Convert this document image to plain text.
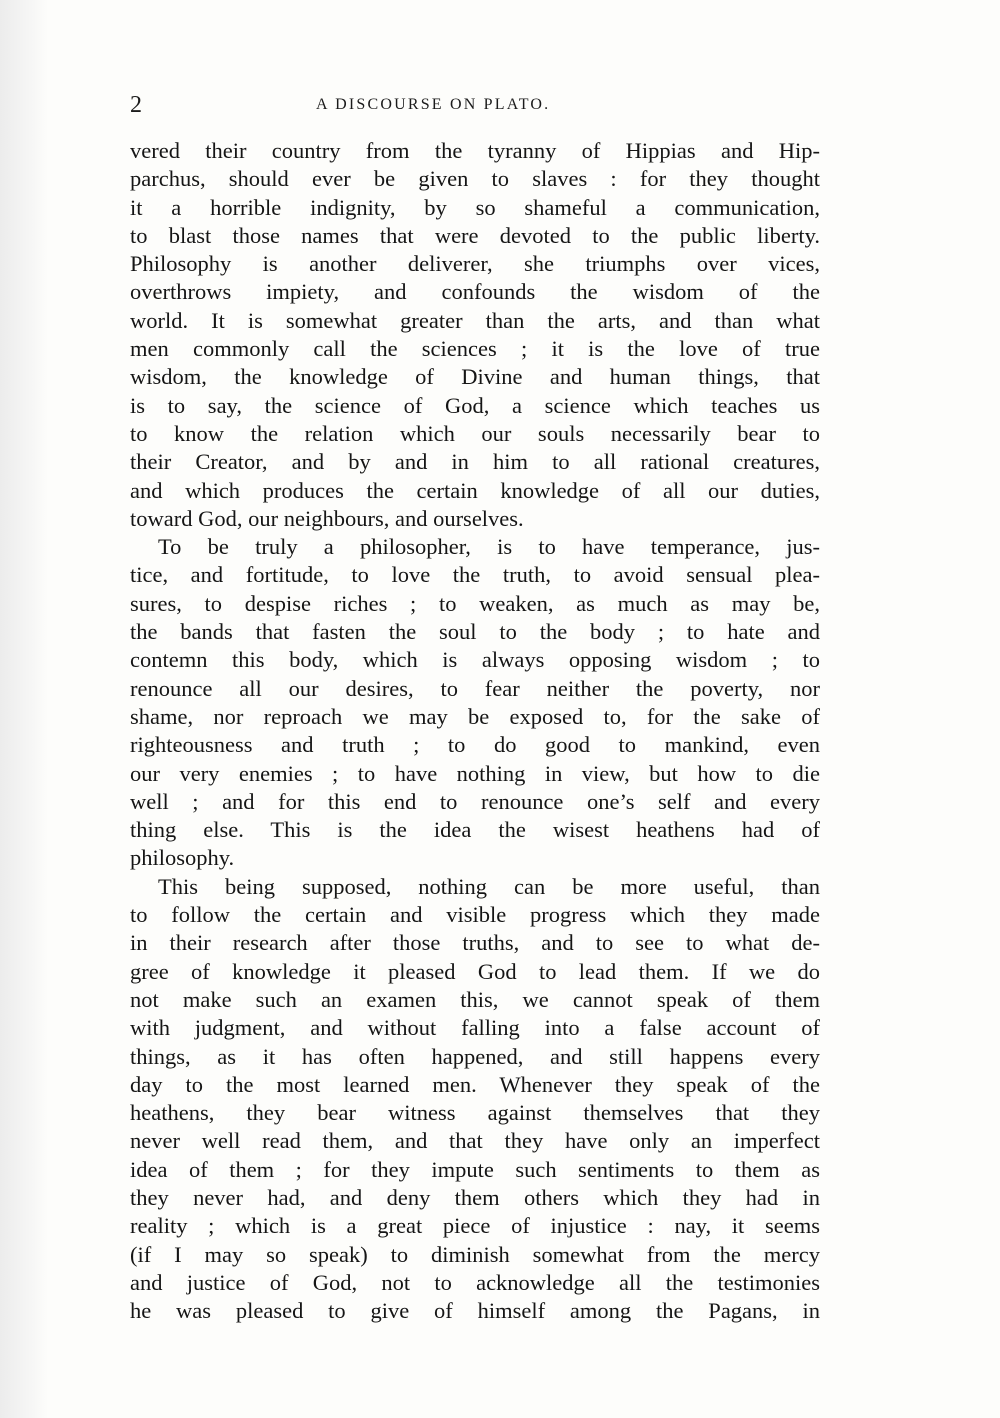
2	A DISCOURSE ON PLATO.
vered their country from the tyranny of Hippias and Hip-
parchus, should ever be given to slaves : for they thought
it a horrible indignity, by so shameful a communication,
to blast those names that were devoted to the public liberty.
Philosophy is another deliverer, she triumphs over vices,
overthrows impiety, and confounds the wisdom of the
world. It is somewhat greater than the arts, and than what
men commonly call the sciences ; it is the love of true
wisdom, the knowledge of Divine and human things, that
is to say, the science of God, a science which teaches us
to know the relation which our souls necessarily bear to
their Creator, and by and in him to all rational creatures,
and which produces the certain knowledge of all our duties,
toward God, our neighbours, and ourselves.
To be truly a philosopher, is to have temperance, jus-
tice, and fortitude, to love the truth, to avoid sensual plea-
sures, to despise riches ; to weaken, as much as may be,
the bands that fasten the soul to the body ; to hate and
contemn this body, which is always opposing wisdom ; to
renounce all our desires, to fear neither the poverty, nor
shame, nor reproach we may be exposed to, for the sake of
righteousness and truth ; to do good to mankind, even
our very enemies ; to have nothing in view, but how to die
well ; and for this end to renounce one’s self and every
thing else. This is the idea the wisest heathens had of
philosophy.
This being supposed, nothing can be more useful, than
to follow the certain and visible progress which they made
in their research after those truths, and to see to what de-
gree of knowledge it pleased God to lead them. If we do
not make such an examen this, we cannot speak of them
with judgment, and without falling into a false account of
things, as it has often happened, and still happens every
day to the most learned men. Whenever they speak of the
heathens, they bear witness against themselves that they
never well read them, and that they have only an imperfect
idea of them ; for they impute such sentiments to them as
they never had, and deny them others which they had in
reality ; which is a great piece of injustice : nay, it seems
(if I may so speak) to diminish somewhat from the mercy
and justice of God, not to acknowledge all the testimonies
he was pleased to give of himself among the Pagans, in
